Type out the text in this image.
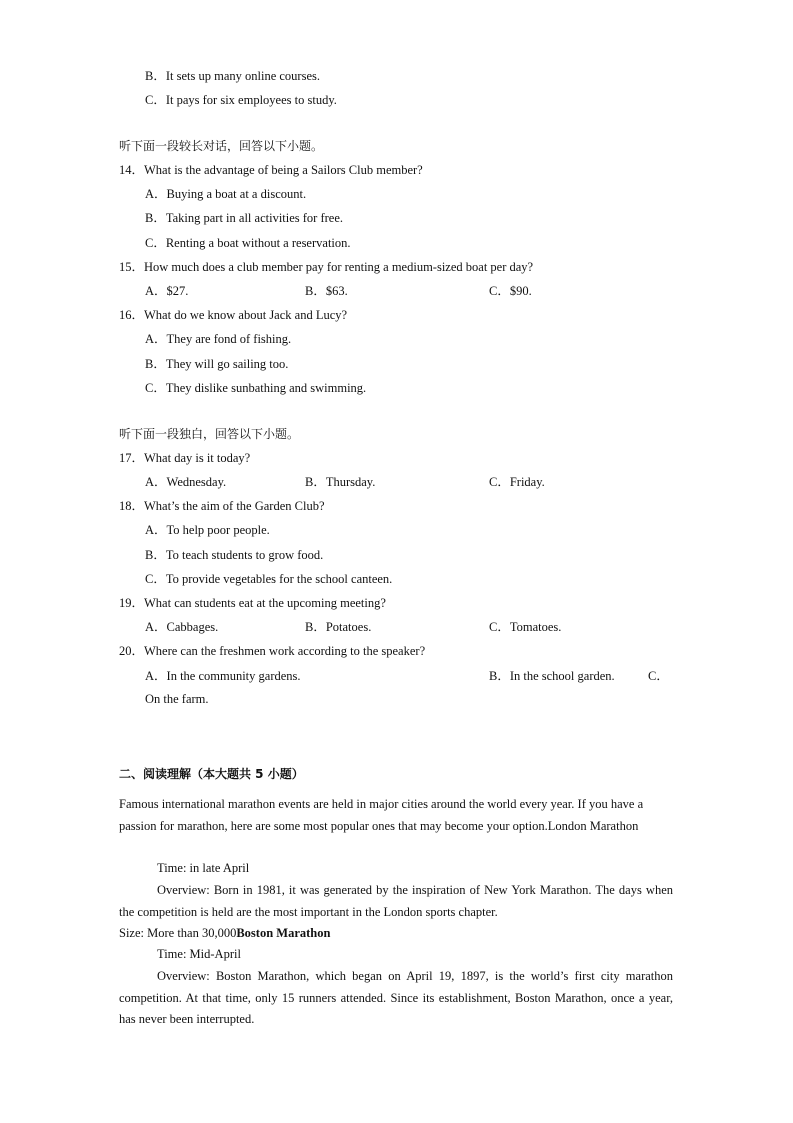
B．It sets up many online courses.
C．It pays for six employees to study.
听下面一段较长对话，回答以下小题。
14．What is the advantage of being a Sailors Club member?
A．Buying a boat at a discount.
B．Taking part in all activities for free.
C．Renting a boat without a reservation.
15．How much does a club member pay for renting a medium-sized boat per day?
A．$27.	B．$63.	C．$90.
16．What do we know about Jack and Lucy?
A．They are fond of fishing.
B．They will go sailing too.
C．They dislike sunbathing and swimming.
听下面一段独白，回答以下小题。
17．What day is it today?
A．Wednesday.	B．Thursday.	C．Friday.
18．What’s the aim of the Garden Club?
A．To help poor people.
B．To teach students to grow food.
C．To provide vegetables for the school canteen.
19．What can students eat at the upcoming meeting?
A．Cabbages.	B．Potatoes.	C．Tomatoes.
20．Where can the freshmen work according to the speaker?
A．In the community gardens.	B．In the school garden.	C．
On the farm.
二、阅读理解（本大题共 5 小题）
Famous international marathon events are held in major cities around the world every year. If you have a passion for marathon, here are some most popular ones that may become your option.London Marathon
Time: in late April
Overview: Born in 1981, it was generated by the inspiration of New York Marathon. The days when the competition is held are the most important in the London sports chapter.
Size: More than 30,000Boston Marathon
Time: Mid-April
Overview: Boston Marathon, which began on April 19, 1897, is the world’s first city marathon competition. At that time, only 15 runners attended. Since its establishment, Boston Marathon, once a year, has never been interrupted.
